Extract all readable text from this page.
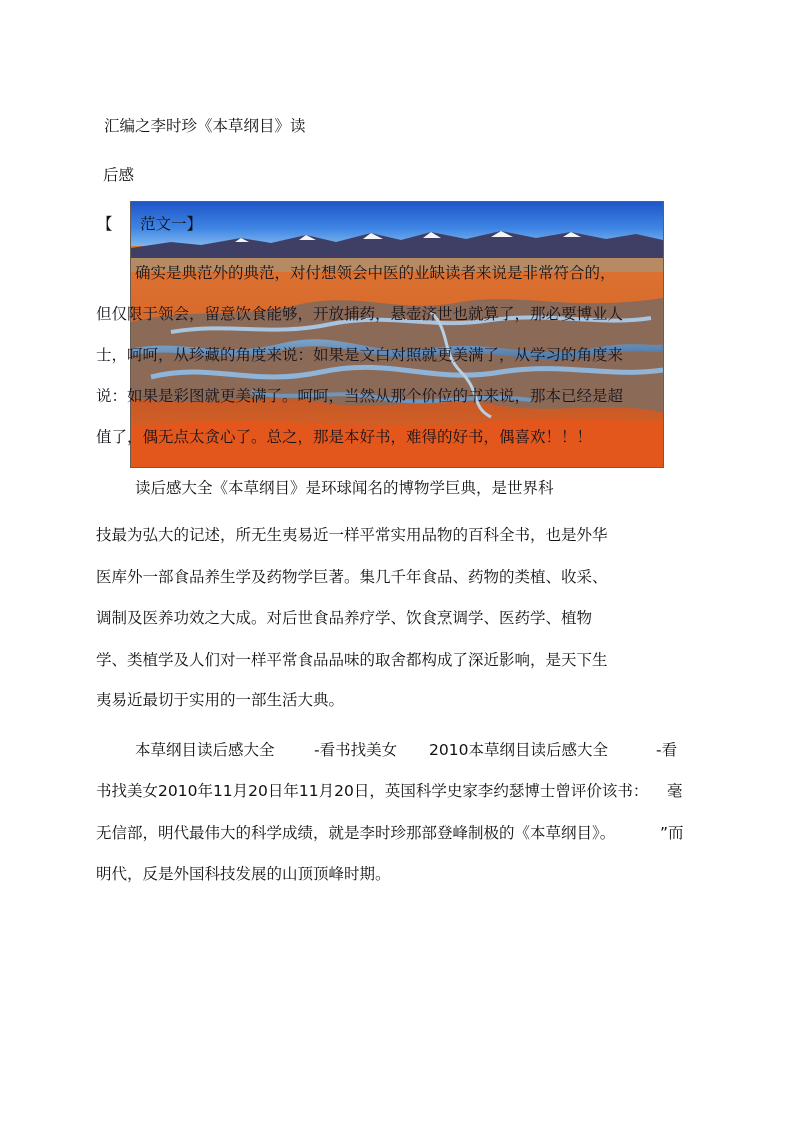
汇编之李时珍《本草纲目》读

后感

【 范文一】

确实是典范外的典范，对付想领会中医的业缺读者来说是非常符合的，

但仅限于领会，留意饮食能够，开放捕药，悬壶济世也就算了，那必要博业人

士，呵呵，从珍藏的角度来说：如果是文白对照就更美满了，从学习的角度来

说：如果是彩图就更美满了。呵呵，当然从那个价位的书来说，那本已经是超

值了，偶无点太贪心了。总之，那是本好书，难得的好书，偶喜欢！！！

读后感大全《本草纲目》是环球闻名的博物学巨典，是世界科

技最为弘大的记述，所无生夷易近一样平常实用品物的百科全书，也是外华

医库外一部食品养生学及药物学巨著。集几千年食品、药物的类植、收采、

调制及医养功效之大成。对后世食品养疗学、饮食烹调学、医药学、植物

学、类植学及人们对一样平常食品品味的取舍都构成了深近影响，是天下生

夷易近最切于实用的一部生活大典。

本草纲目读后感大全	-看书找美女 2010本草纲目读后感大全	-看
书找美女2010年11月20日年11月20日，英国科学史家李约瑟博士曾评价该书： 毫
无信部，明代最伟大的科学成绩，就是李时珍那部登峰制极的《本草纲目》。	”而

明代，反是外国科技发展的山顶顶峰时期。
